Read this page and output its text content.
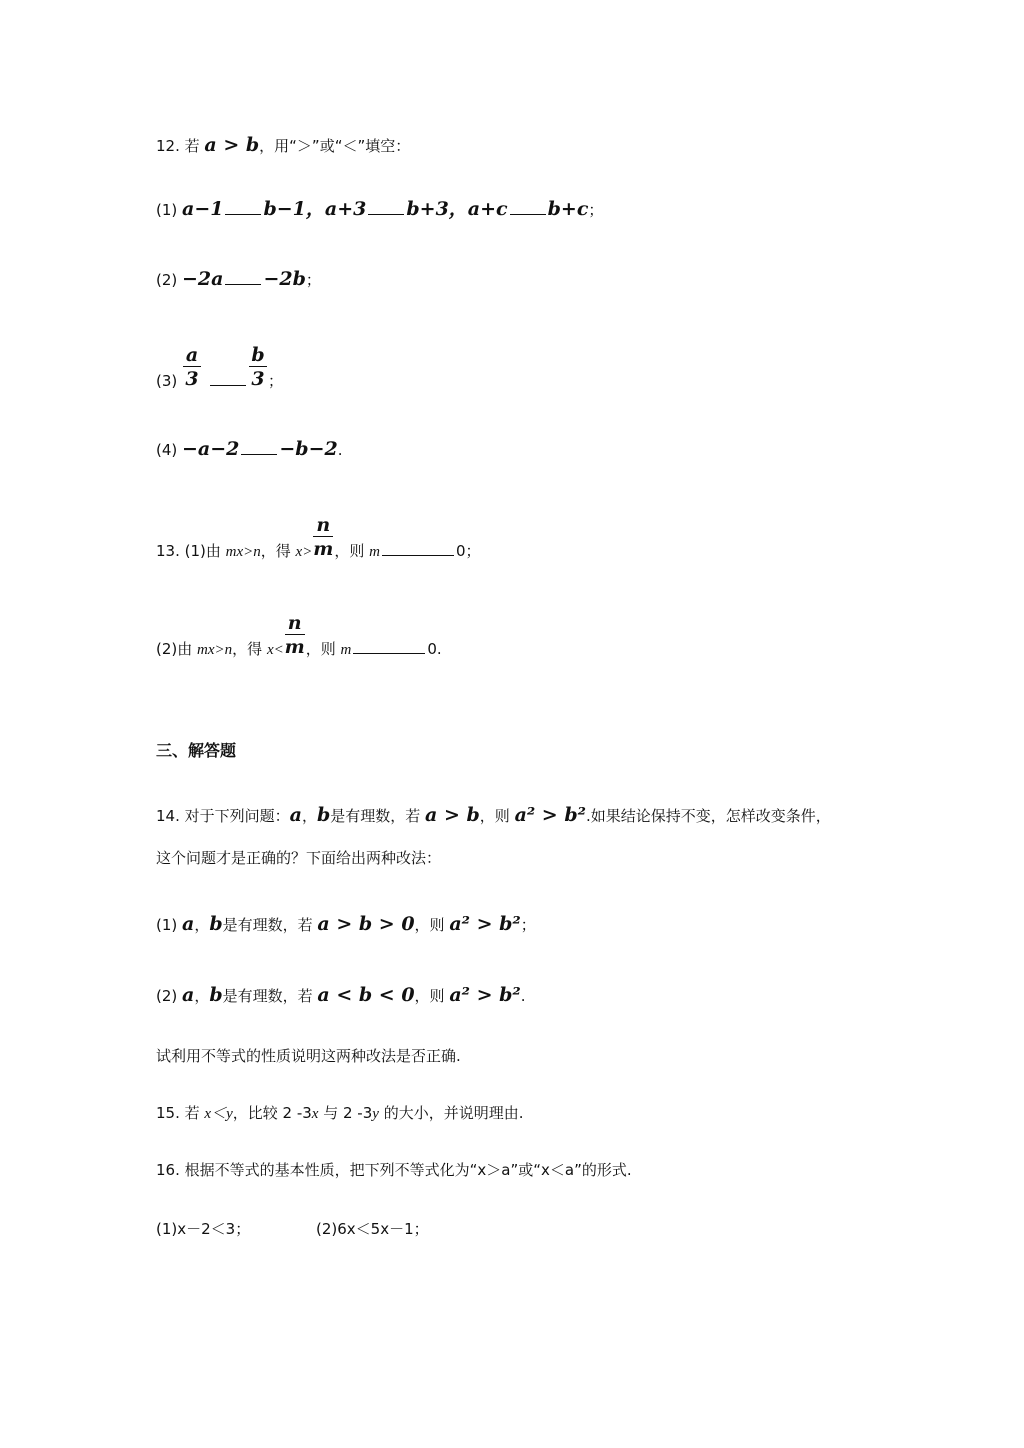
12. 若 a > b，用“＞”或“＜”填空：
(1) a−1 b−1，a+3 b+3，a+c b+c；
(2) −2a −2b；
$(3) \frac{a}{3} \frac{b}{3}$ ；
(4) −a−2 −b−2.
13. (1)由 mx>n，得 $x> \frac{n}{m}$ ，则 m	0；
(2)由 mx>n，得 $x< \frac{n}{m}$ ，则 m	0.
三、解答题
14. 对于下列问题：a，b是有理数，若 a > b，则 a² > b².如果结论保持不变，怎样改变条件，
这个问题才是正确的？下面给出两种改法：
(1) a，b是有理数，若 a > b > 0，则 a² > b²；
(2) a，b是有理数，若 a < b < 0，则 a² > b².
试利用不等式的性质说明这两种改法是否正确.
15. 若 x＜y，比较 2 -3x 与 2 -3y 的大小，并说明理由.
16. 根据不等式的基本性质，把下列不等式化为“x＞a”或“x＜a”的形式.
(1)x－2＜3；	(2)6x＜5x－1；
